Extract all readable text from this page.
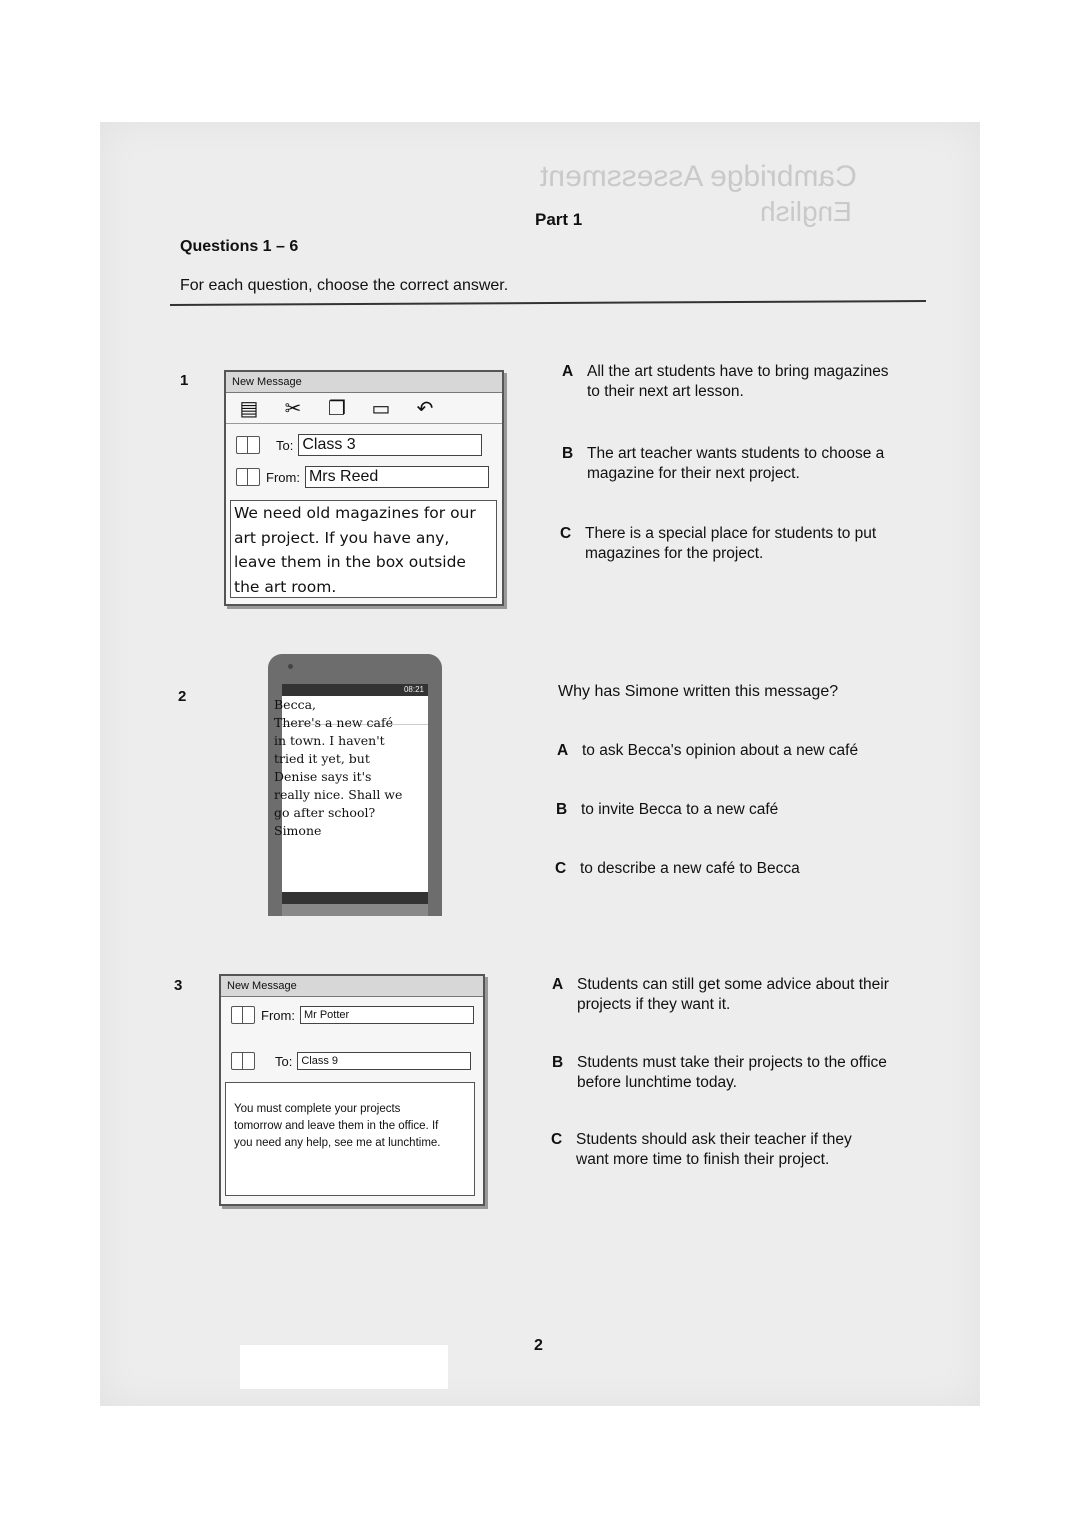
Cambridge Assessment
English
Part 1
Questions 1 – 6
For each question, choose the correct answer.
1	New Message
▤ ✂ ❐ ▭ ↶
To: Class 3
From: Mrs Reed
We need old magazines for our
art project. If you have any,
leave them in the box outside
the art room.
A All the art students have to bring magazines
to their next art lesson.
B The art teacher wants students to choose a
magazine for their next project.
C There is a special place for students to put
magazines for the project.
2	08:21
Becca,
There's a new café
in town. I haven't
tried it yet, but
Denise says it's
really nice. Shall we
go after school?
Simone
Why has Simone written this message?
A to ask Becca's opinion about a new café
B to invite Becca to a new café
C to describe a new café to Becca
3	New Message
From: Mr Potter
To: Class 9
You must complete your projects
tomorrow and leave them in the office. If
you need any help, see me at lunchtime.
A Students can still get some advice about their
projects if they want it.
B Students must take their projects to the office
before lunchtime today.
C Students should ask their teacher if they
want more time to finish their project.
2
